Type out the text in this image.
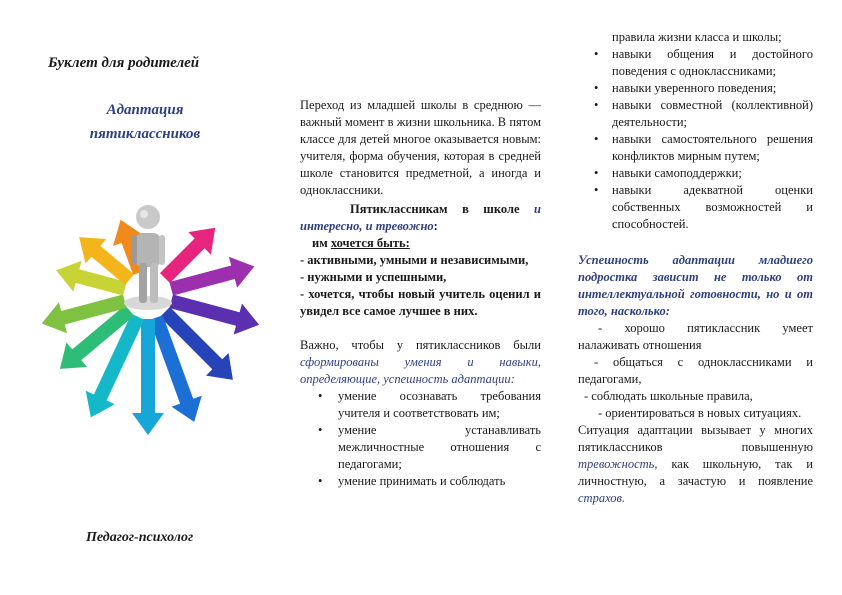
Буклет для родителей
Адаптация
пятиклассников
Педагог-психолог

Переход из младшей школы в среднюю — важный момент в жизни школьника. В пятом классе для детей многое оказывается новым: учителя, форма обучения, которая в средней школе становится предметной, а иногда и одноклассники.

Пятиклассникам в школе и интересно, и тревожно:

им хочется быть:

- активными, умными и независимыми,

- нужными и успешными,

- хочется, чтобы новый учитель оценил и увидел все самое лучшее в них.

Важно, чтобы у пятиклассников были сформированы умения и навыки, определяющие, успешность адаптации:

• умение осознавать требования учителя и соответствовать им;
• умение устанавливать межличностные отношения с педагогами;
• умение принимать и соблюдать

правила жизни класса и школы;

• навыки общения и достойного поведения с одноклассниками;
• навыки уверенного поведения;
• навыки совместной (коллективной) деятельности;
• навыки самостоятельного решения конфликтов мирным путем;
• навыки самоподдержки;
• навыки адекватной оценки собственных возможностей и способностей.

Успешность адаптации младшего подростка зависит не только от интеллектуальной готовности, но и от того, насколько:

- хорошо пятиклассник умеет налаживать отношения

- общаться с одноклассниками и педагогами,

- соблюдать школьные правила,

- ориентироваться в новых ситуациях.

Ситуация адаптации вызывает у многих пятиклассников повышенную тревожность, как школьную, так и личностную, а зачастую и появление страхов.
